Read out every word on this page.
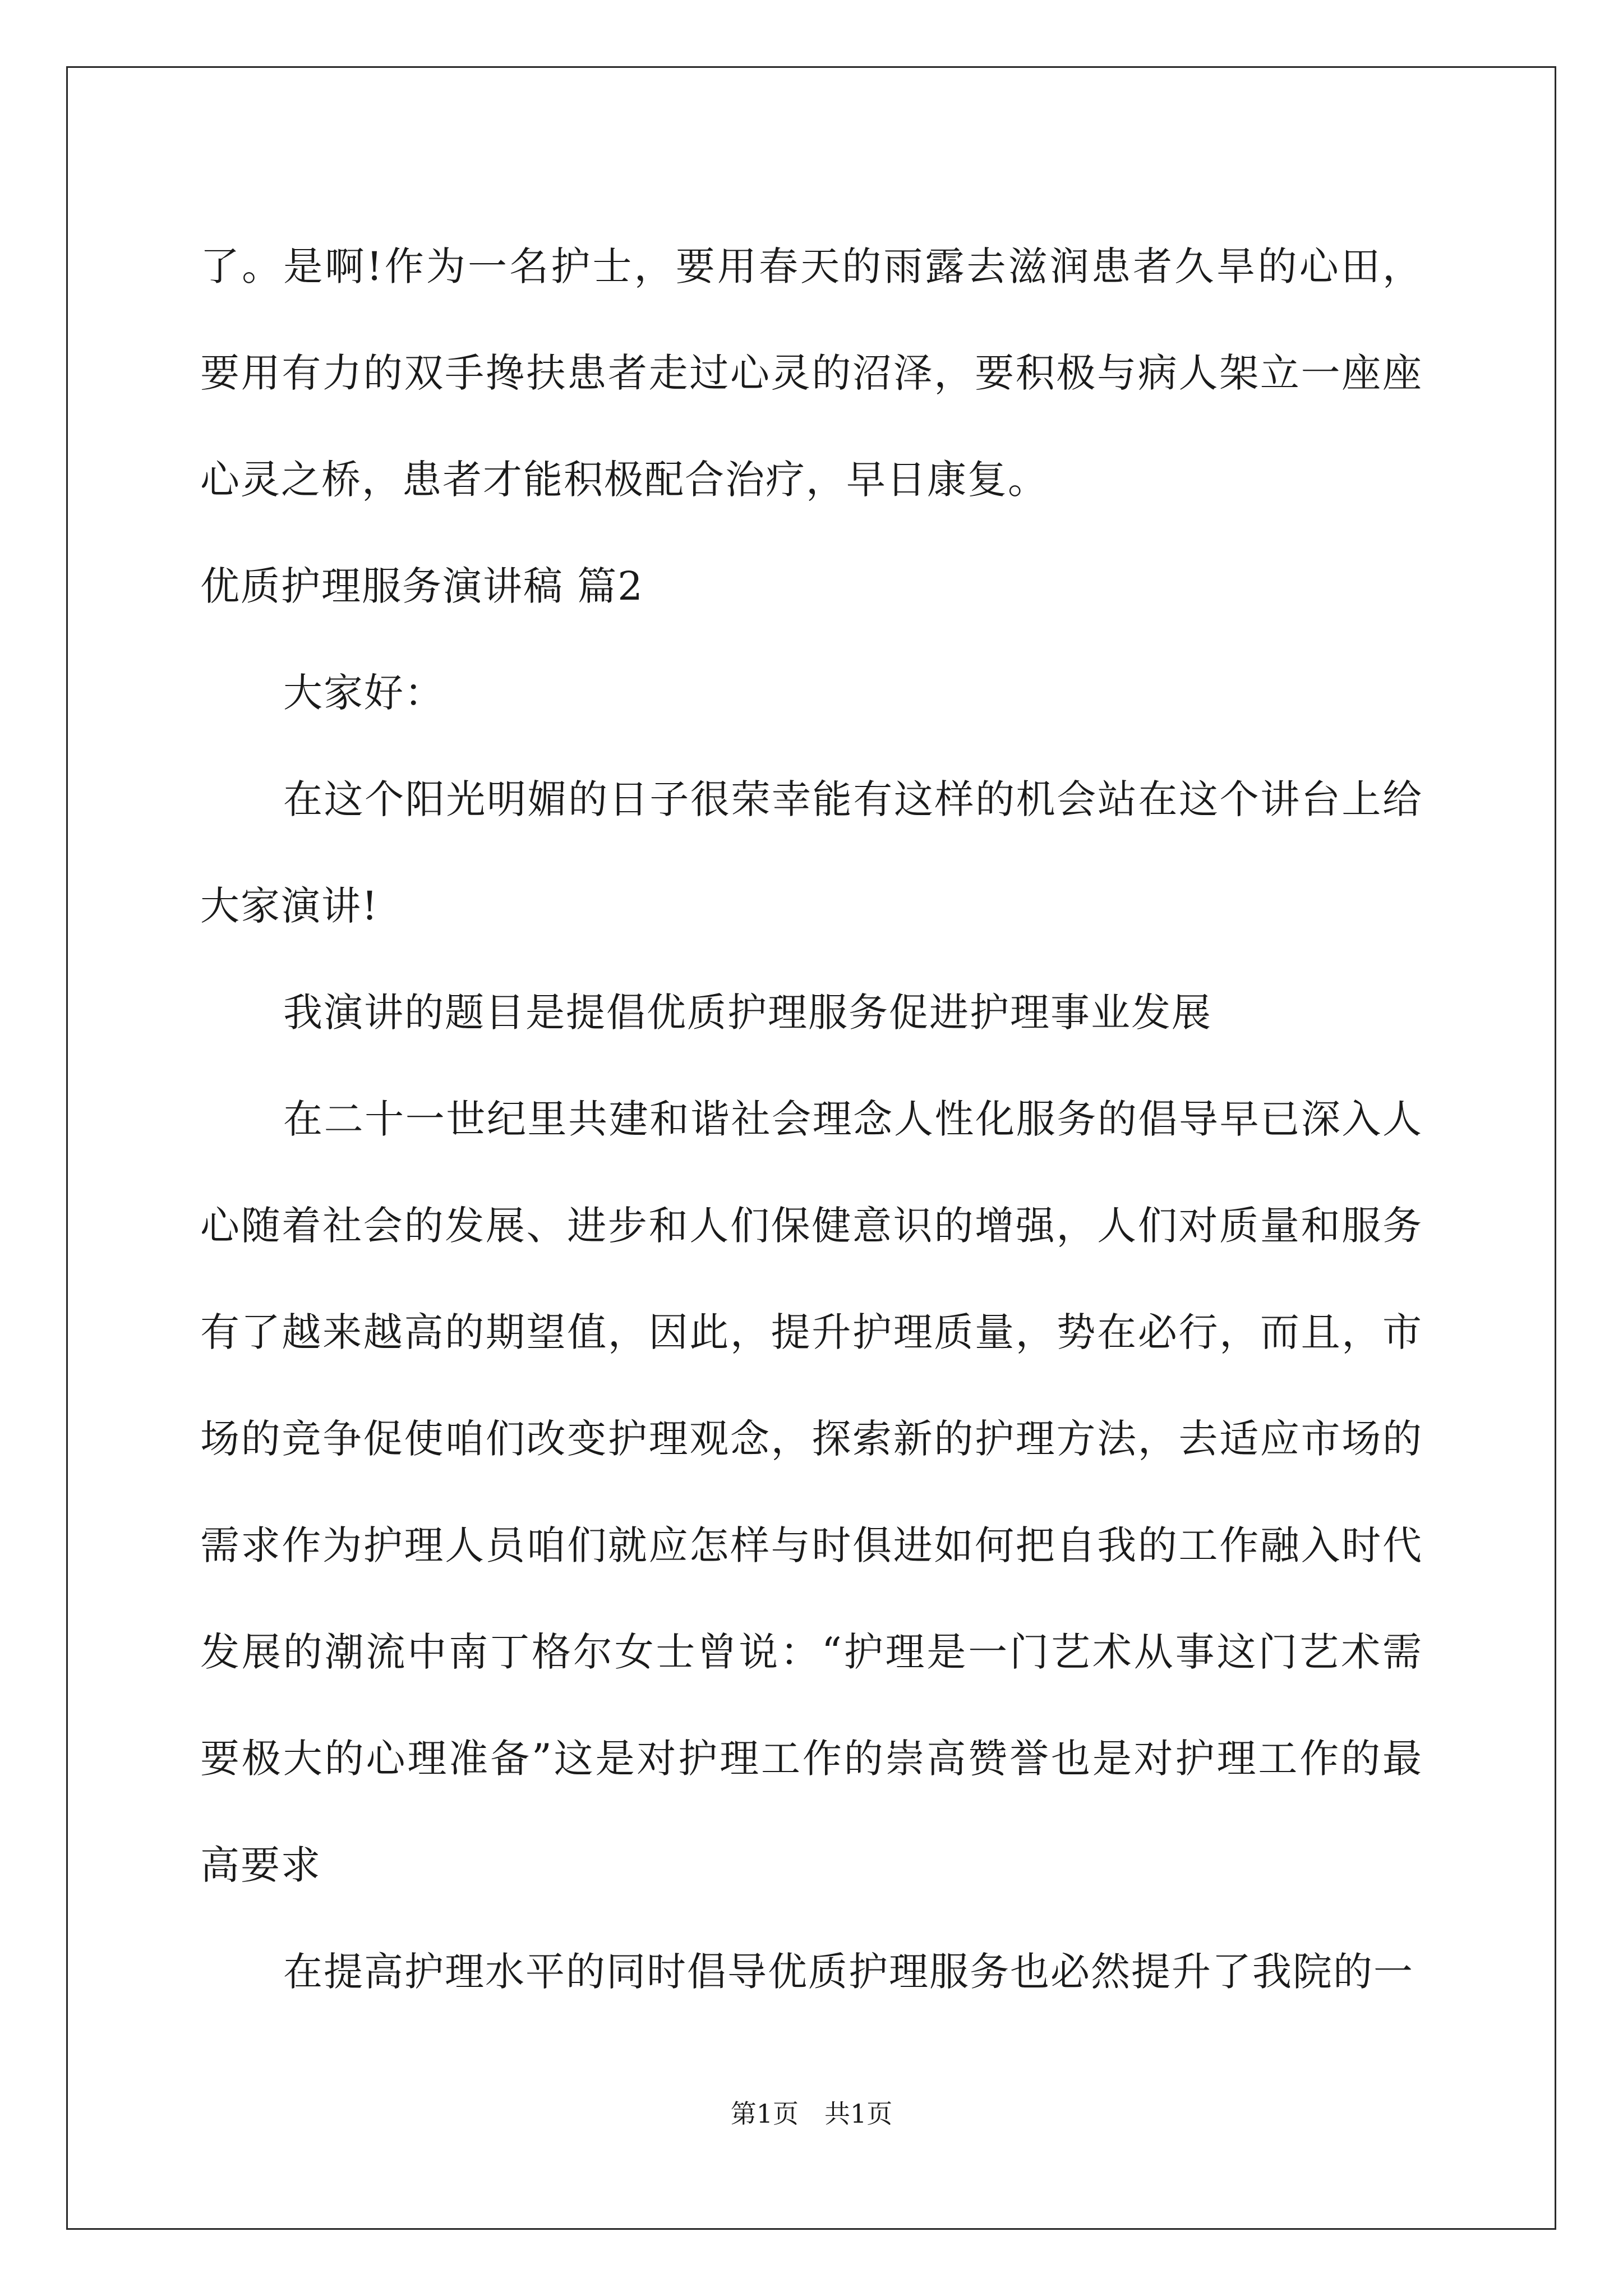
了。是啊!作为一名护士，要用春天的雨露去滋润患者久旱的心田，要用有力的双手搀扶患者走过心灵的沼泽，要积极与病人架立一座座心灵之桥，患者才能积极配合治疗，早日康复。

优质护理服务演讲稿 篇2

大家好：

在这个阳光明媚的日子很荣幸能有这样的机会站在这个讲台上给大家演讲!

我演讲的题目是提倡优质护理服务促进护理事业发展

在二十一世纪里共建和谐社会理念人性化服务的倡导早已深入人心随着社会的发展、进步和人们保健意识的增强，人们对质量和服务有了越来越高的期望值，因此，提升护理质量，势在必行，而且，市场的竞争促使咱们改变护理观念，探索新的护理方法，去适应市场的需求作为护理人员咱们就应怎样与时俱进如何把自我的工作融入时代发展的潮流中南丁格尔女士曾说：“护理是一门艺术从事这门艺术需要极大的心理准备”这是对护理工作的崇高赞誉也是对护理工作的最高要求

在提高护理水平的同时倡导优质护理服务也必然提升了我院的一

第1页 共1页
